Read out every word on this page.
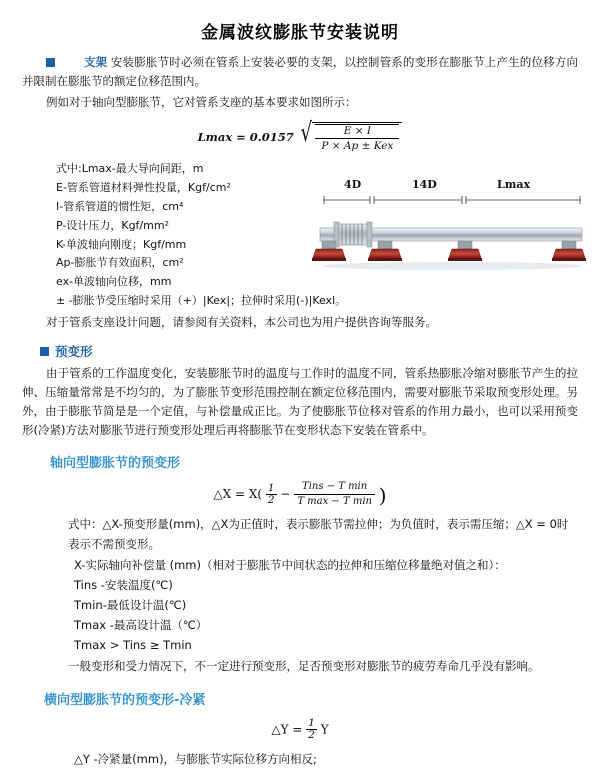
金属波纹膨胀节安装说明
支架 安装膨胀节时必须在管系上安装必要的支架，以控制管系的变形在膨胀节上产生的位移方向并限制在膨胀节的额定位移范围内。
例如对于轴向型膨胀节，它对管系支座的基本要求如图所示：
Lmax = 0.0157 √ $\frac{E \times I}{\text{P × Ap ± Kex}}$
式中:Lmax-最大导向间距，m
E-管系管道材料弹性投量，Kgf/cm²
I-管系管道的惯性矩，cm⁴
P-设计压力，Kgf/mm²
K-单波轴向刚度；Kgf/mm
Ap-膨胀节有效面积，cm²
ex-单波轴向位移，mm
± -膨胀节受压缩时采用（+）|Kex|；拉伸时采用(-)|Kexl。
4D	14D	Lmax
对于管系支座设计问题，请参阅有关资料，本公司也为用户提供咨询等服务。
预变形
由于管系的工作温度变化，安装膨胀节时的温度与工作时的温度不同，管系热膨胀冷缩对膨胀节产生的拉伸、压缩量常常是不均匀的，为了膨胀节变形范围控制在额定位移范围内，需要对膨胀节采取预变形处理。另外，由于膨胀节简是是一个定值，与补偿量成正比。为了使膨胀节位移对管系的作用力最小，也可以采用预变形(冷紧)方法对膨胀节进行预变形处理后再将膨胀节在变形状态下安装在管系中。
轴向型膨胀节的预变形
△X = $X( \frac{1}{2}$ −
Tins − T min
T max − T min )
式中：△X-预变形量(mm)，△X为正值时，表示膨胀节需拉伸；为负值时，表示需压缩；△X = 0时表示不需预变形。
X-实际轴向补偿量 (mm)（相对于膨胀节中间状态的拉伸和压缩位移量绝对值之和）：
Tins -安装温度(℃)
Tmin-最低设计温(℃)
Tmax -最高设计温（℃）
Tmax > Tins ≥ Tmin
一般变形和受力情况下，不一定进行预变形，足否预变形对膨胀节的疲劳寿命几乎没有影响。
横向型膨胀节的预变形-冷紧
△Y = $\frac{1}{2}$ Y
△Y -冷紧量(mm)，与膨胀节实际位移方向相反;
